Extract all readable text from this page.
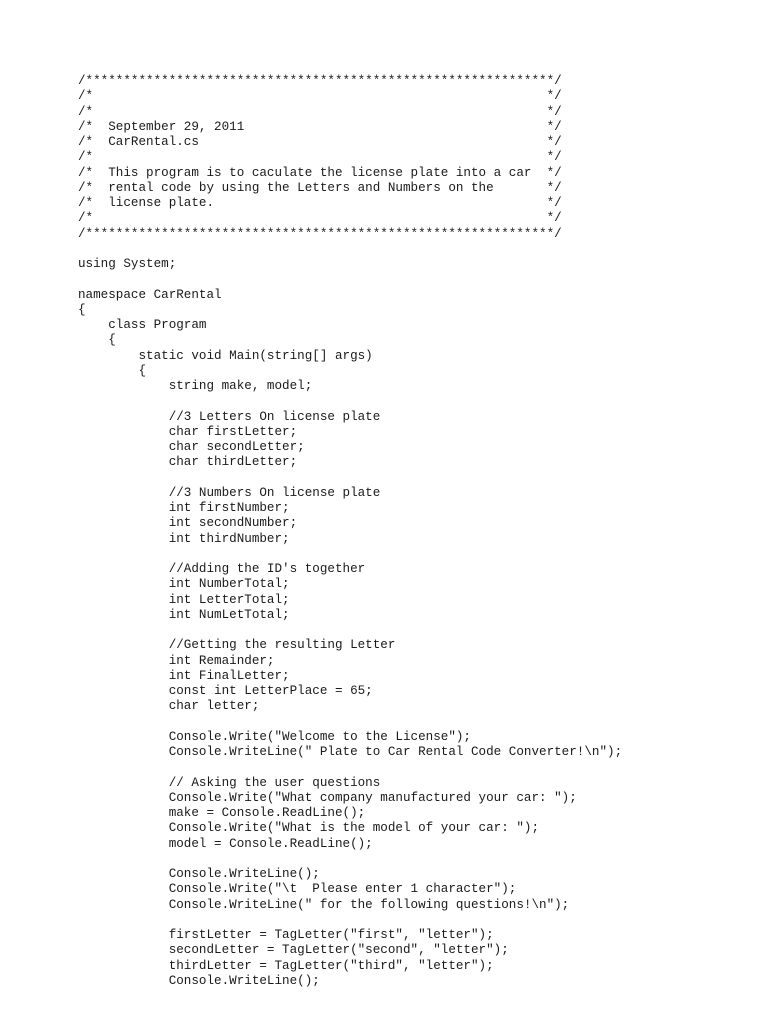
/**************************************************************/
/*                                                            */
/*                                                            */
/*  September 29, 2011                                        */
/*  CarRental.cs                                              */
/*                                                            */
/*  This program is to caculate the license plate into a car  */
/*  rental code by using the Letters and Numbers on the       */
/*  license plate.                                            */
/*                                                            */
/**************************************************************/
using System;
namespace CarRental
{
class Program
{
static void Main(string[] args)
{
string make, model;
//3 Letters On license plate
char firstLetter;
char secondLetter;
char thirdLetter;
//3 Numbers On license plate
int firstNumber;
int secondNumber;
int thirdNumber;
//Adding the ID's together
int NumberTotal;
int LetterTotal;
int NumLetTotal;
//Getting the resulting Letter
int Remainder;
int FinalLetter;
const int LetterPlace = 65;
char letter;
Console.Write("Welcome to the License");
Console.WriteLine(" Plate to Car Rental Code Converter!\n");
// Asking the user questions
Console.Write("What company manufactured your car: ");
make = Console.ReadLine();
Console.Write("What is the model of your car: ");
model = Console.ReadLine();
Console.WriteLine();
Console.Write("\t  Please enter 1 character");
Console.WriteLine(" for the following questions!\n");
firstLetter = TagLetter("first", "letter");
secondLetter = TagLetter("second", "letter");
thirdLetter = TagLetter("third", "letter");
Console.WriteLine();
